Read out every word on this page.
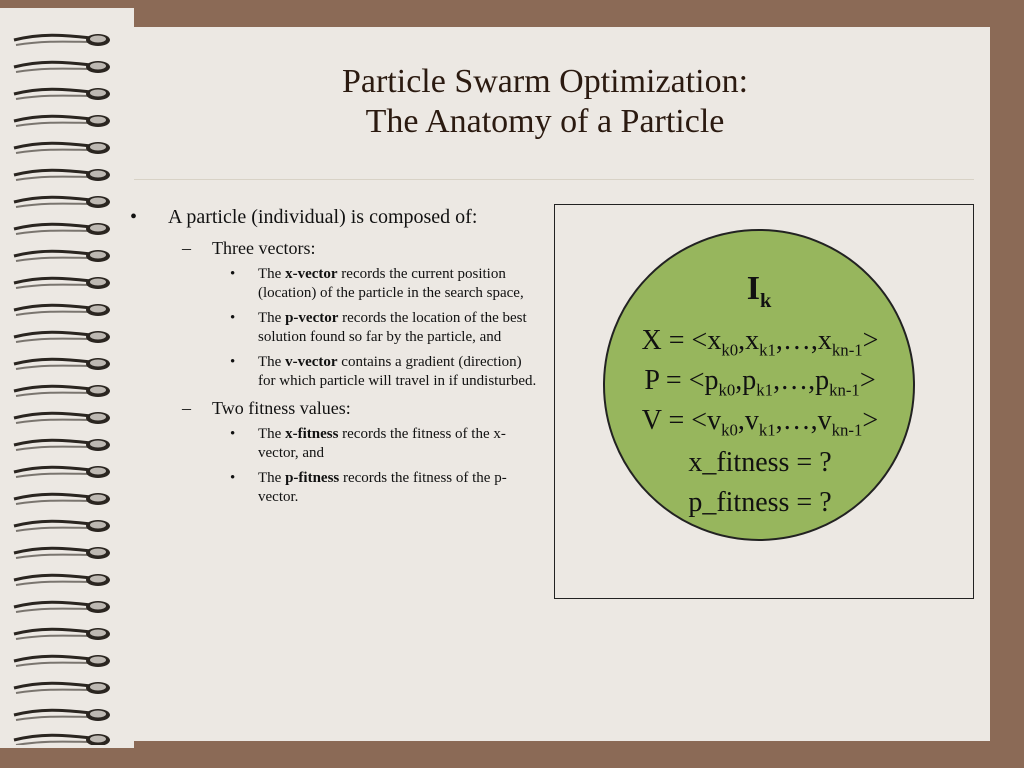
Particle Swarm Optimization:
The Anatomy of a Particle
• A particle (individual) is composed of:
– Three vectors:
• The x-vector records the current position (location) of the particle in the search space,
• The p-vector records the location of the best solution found so far by the particle, and
• The v-vector contains a gradient (direction) for which particle will travel in if undisturbed.
– Two fitness values:
• The x-fitness records the fitness of the x-vector, and
• The p-fitness records the fitness of the p-vector.
$I_k$
$X = <x_{k0},x_{k1},\dots,x_{kn-1}>$
$P = <p_{k0},p_{k1},\dots,p_{kn-1}>$
$V = <v_{k0},v_{k1},\dots,v_{kn-1}>$
x_fitness = ?
p_fitness = ?
